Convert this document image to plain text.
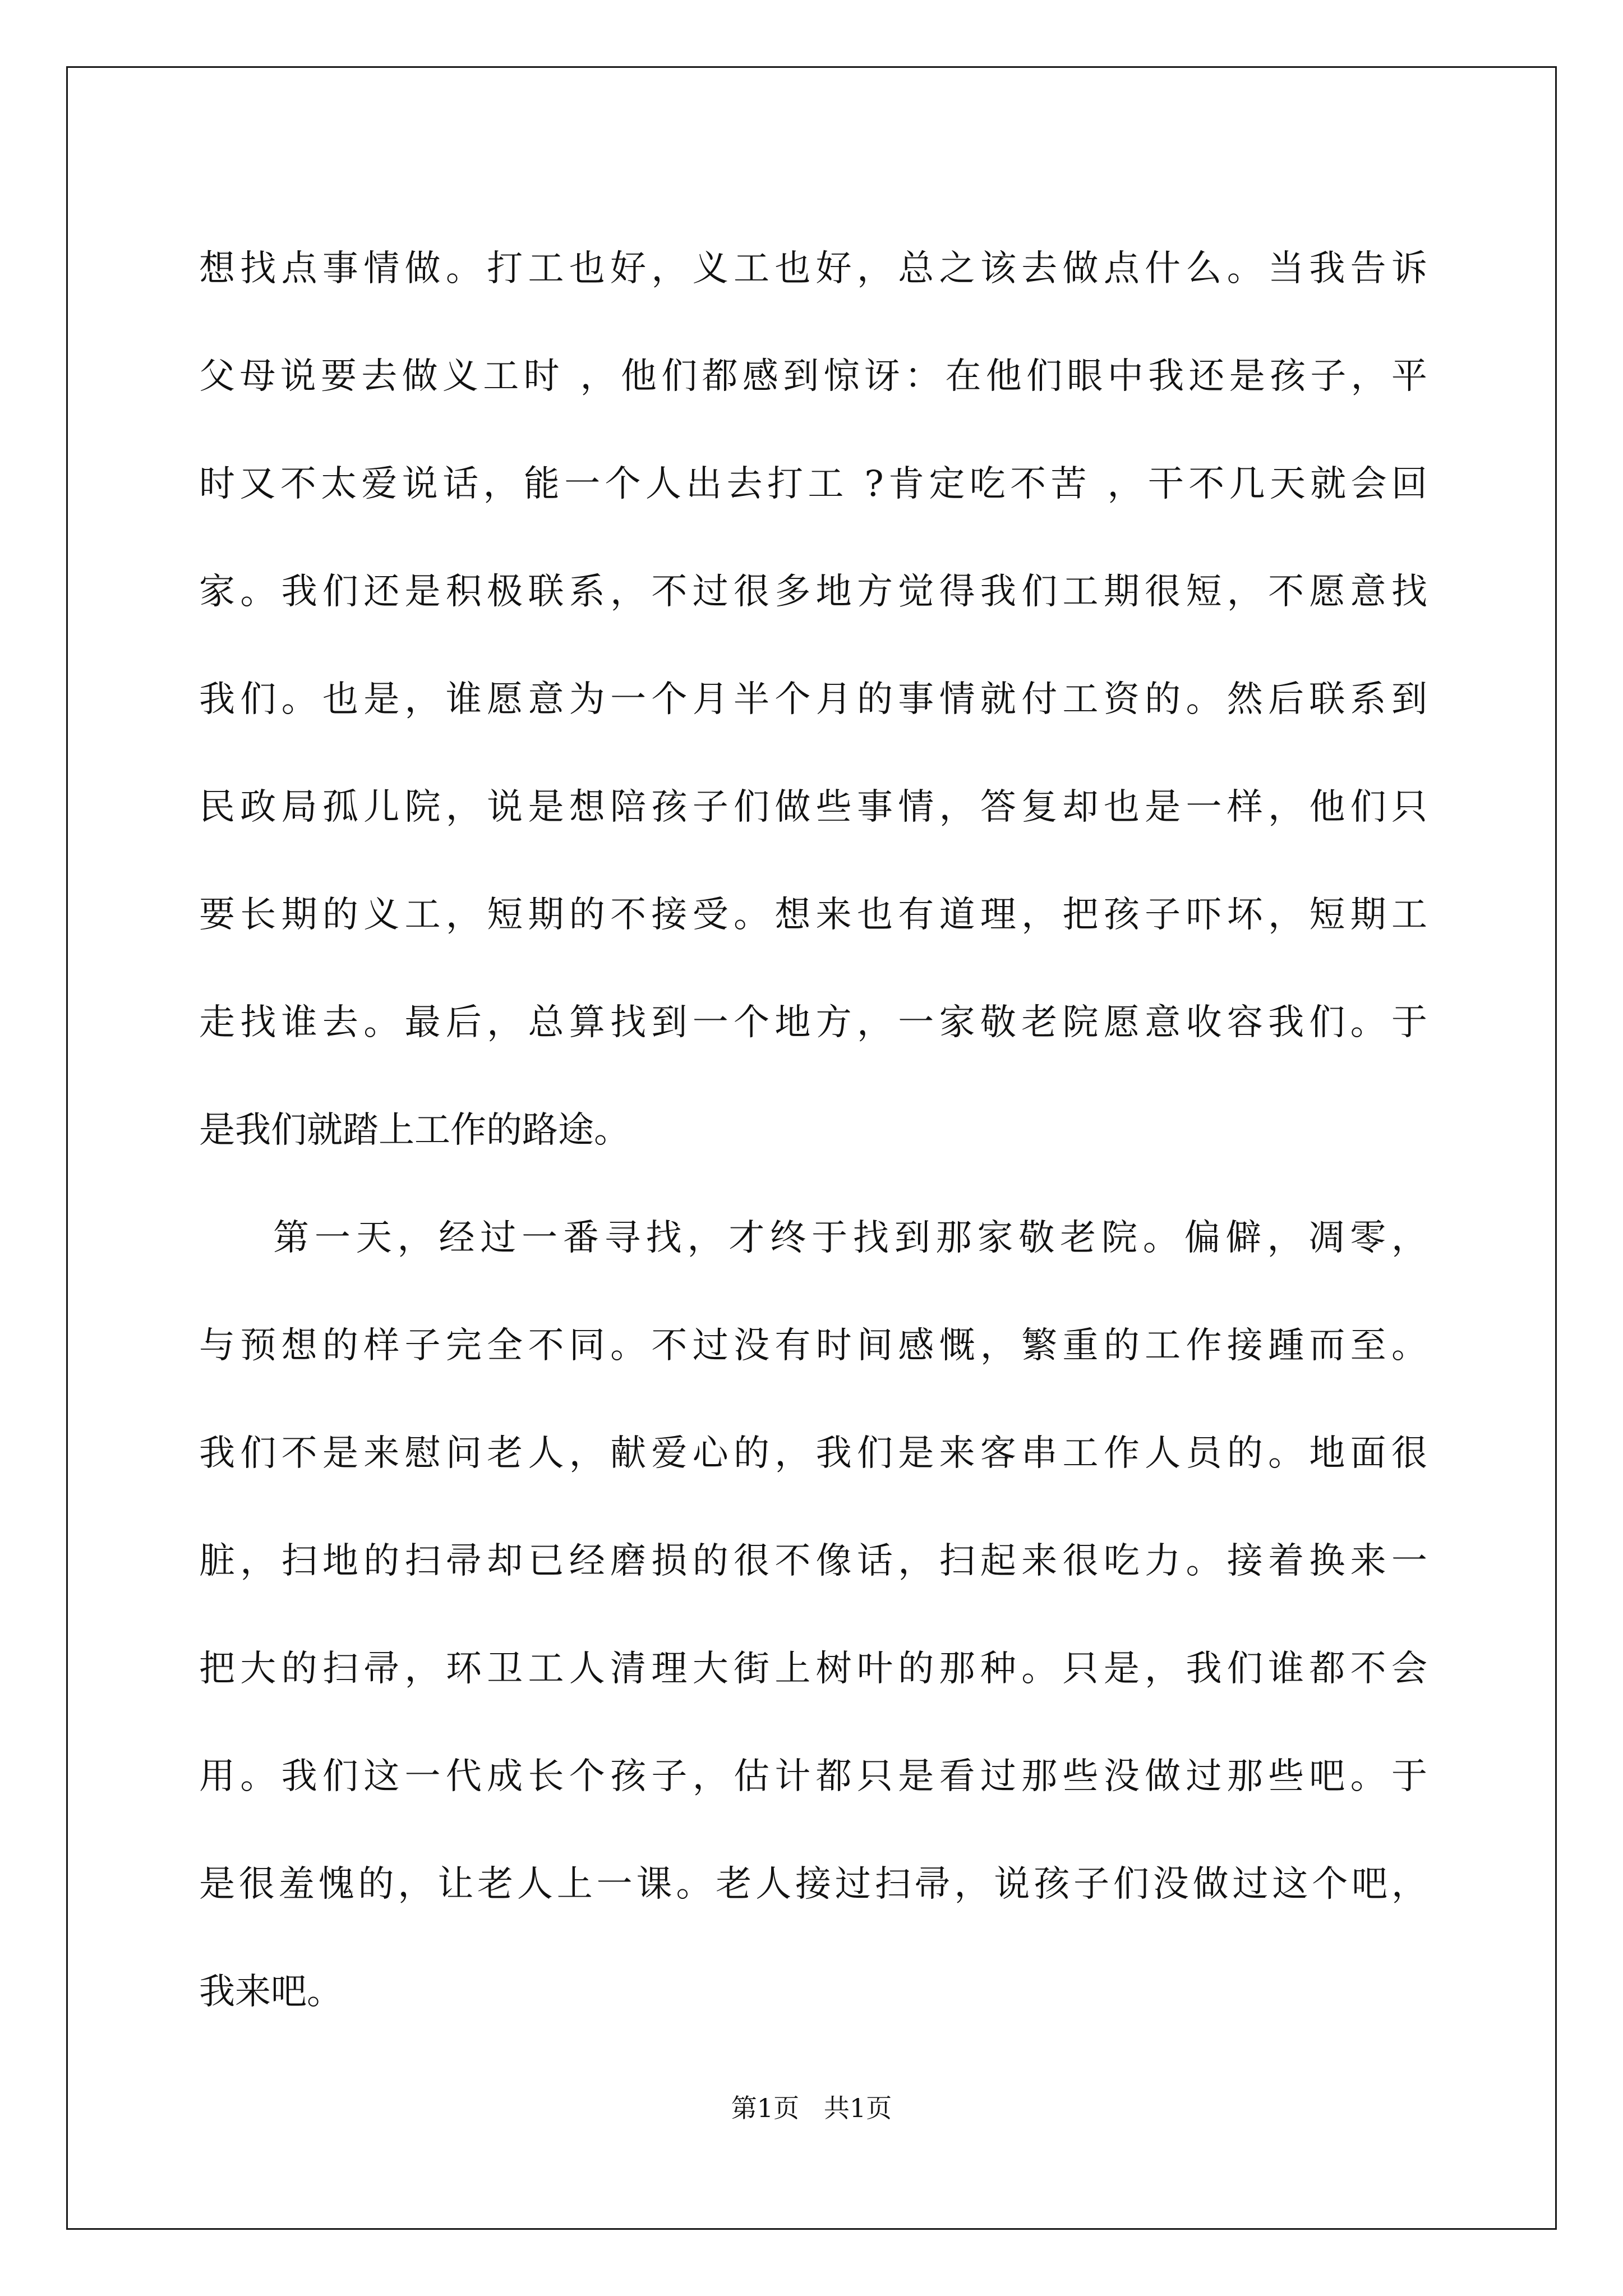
想找点事情做。打工也好，义工也好，总之该去做点什么。当我告诉
父母说要去做义工时 ，他们都感到惊讶：在他们眼中我还是孩子，平
时又不太爱说话，能一个人出去打工 ?肯定吃不苦 ，干不几天就会回
家。我们还是积极联系，不过很多地方觉得我们工期很短，不愿意找
我们。也是，谁愿意为一个月半个月的事情就付工资的。然后联系到
民政局孤儿院，说是想陪孩子们做些事情，答复却也是一样，他们只
要长期的义工，短期的不接受。想来也有道理，把孩子吓坏，短期工
走找谁去。最后，总算找到一个地方，一家敬老院愿意收容我们。于
是我们就踏上工作的路途。
第一天，经过一番寻找，才终于找到那家敬老院。偏僻，凋零，
与预想的样子完全不同。不过没有时间感慨，繁重的工作接踵而至。
我们不是来慰问老人，献爱心的，我们是来客串工作人员的。地面很
脏，扫地的扫帚却已经磨损的很不像话，扫起来很吃力。接着换来一
把大的扫帚，环卫工人清理大街上树叶的那种。只是，我们谁都不会
用。我们这一代成长个孩子，估计都只是看过那些没做过那些吧。于
是很羞愧的，让老人上一课。老人接过扫帚，说孩子们没做过这个吧，
我来吧。
第1页   共1页
